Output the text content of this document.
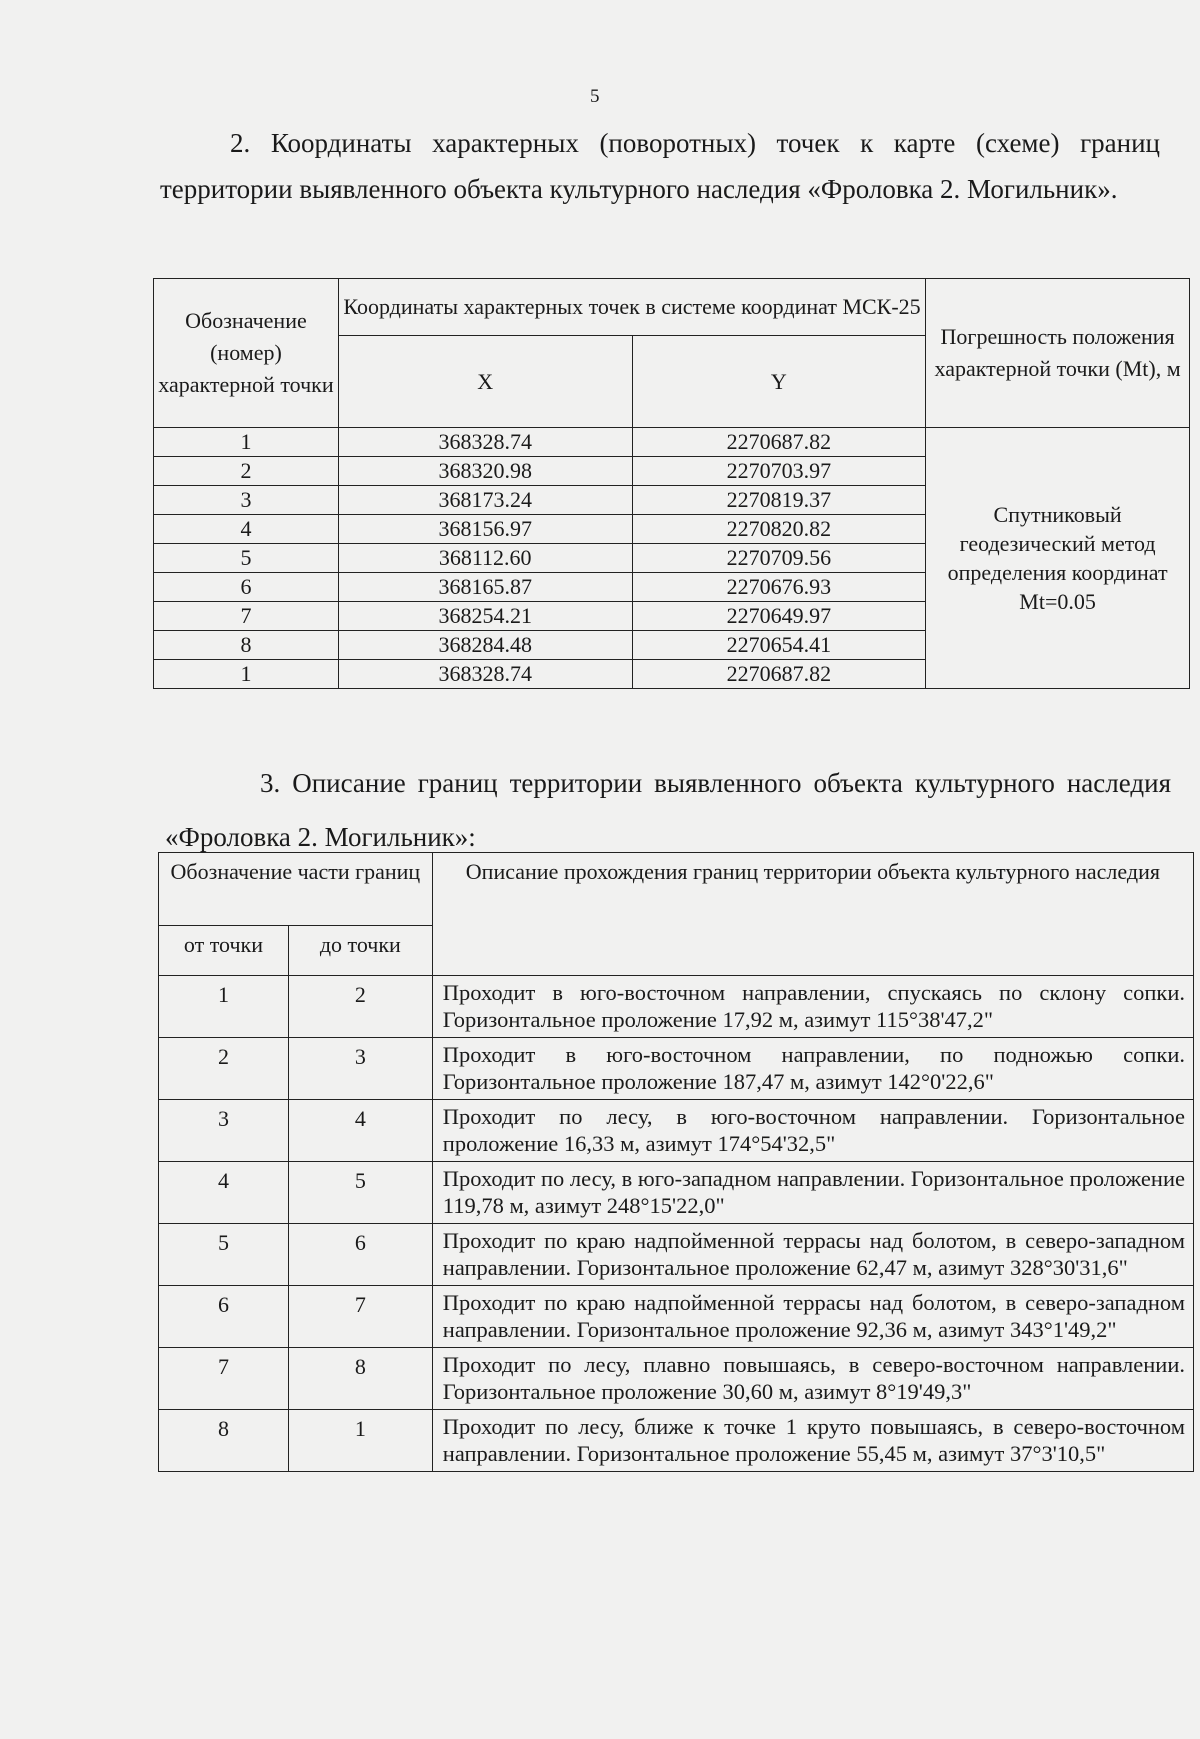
5
2. Координаты характерных (поворотных) точек к карте (схеме) границ территории выявленного объекта культурного наследия «Фроловка 2. Могильник».
Обозначение (номер) характерной точки	Координаты характерных точек в системе координат МСК-25		Погрешность положения характерной точки (Mt), м
	X	Y	
1	368328.74	2270687.82	Спутниковый геодезический метод определения координат Mt=0.05
2	368320.98	2270703.97	
3	368173.24	2270819.37	
4	368156.97	2270820.82	
5	368112.60	2270709.56	
6	368165.87	2270676.93	
7	368254.21	2270649.97	
8	368284.48	2270654.41	
1	368328.74	2270687.82	
3. Описание границ территории выявленного объекта культурного наследия «Фроловка 2. Могильник»:
Обозначение части границ		Описание прохождения границ территории объекта культурного наследия
от точки	до точки	
1	2	Проходит в юго-восточном направлении, спускаясь по склону сопки. Горизонтальное проложение 17,92 м, азимут 115°38'47,2"
2	3	Проходит в юго-восточном направлении, по подножью сопки. Горизонтальное проложение 187,47 м, азимут 142°0'22,6"
3	4	Проходит по лесу, в юго-восточном направлении. Горизонтальное проложение 16,33 м, азимут 174°54'32,5"
4	5	Проходит по лесу, в юго-западном направлении. Горизонтальное проложение 119,78 м, азимут 248°15'22,0"
5	6	Проходит по краю надпойменной террасы над болотом, в северо-западном направлении. Горизонтальное проложение 62,47 м, азимут 328°30'31,6"
6	7	Проходит по краю надпойменной террасы над болотом, в северо-западном направлении. Горизонтальное проложение 92,36 м, азимут 343°1'49,2"
7	8	Проходит по лесу, плавно повышаясь, в северо-восточном направлении. Горизонтальное проложение 30,60 м, азимут 8°19'49,3"
8	1	Проходит по лесу, ближе к точке 1 круто повышаясь, в северо-восточном направлении. Горизонтальное проложение 55,45 м, азимут 37°3'10,5"
